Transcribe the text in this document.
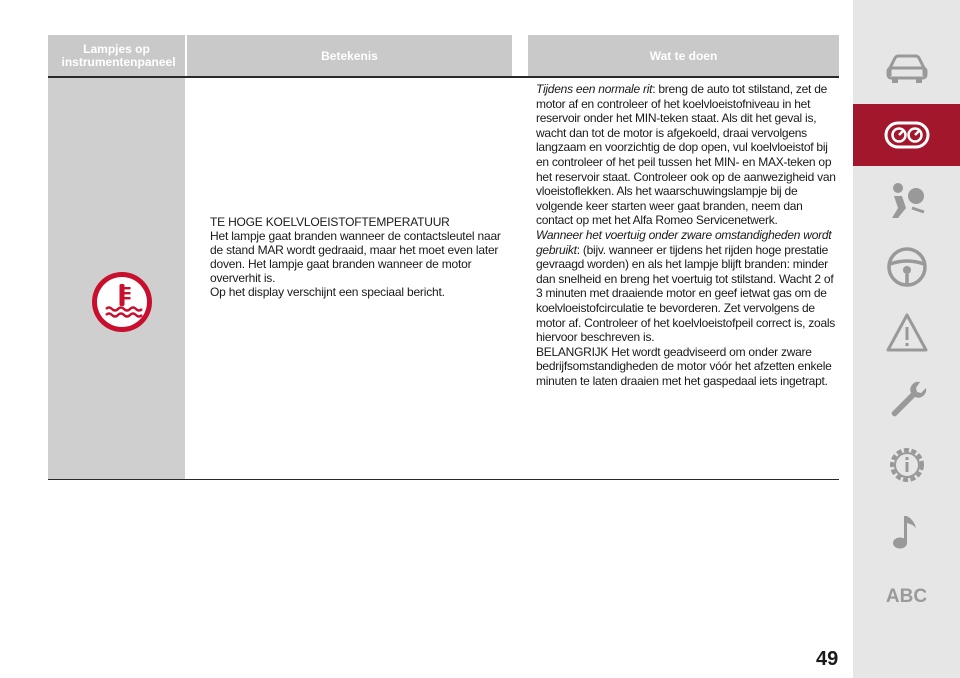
Lampjes op instrumentenpaneel	Betekenis	Wat te doen

TE HOGE KOELVLOEISTOFTEMPERATUUR

Het lampje gaat branden wanneer de contactsleutel naar de stand MAR wordt gedraaid, maar het moet even later doven. Het lampje gaat branden wanneer de motor oververhit is.

Op het display verschijnt een speciaal bericht.

Tijdens een normale rit: breng de auto tot stilstand, zet de motor af en controleer of het koelvloeistofniveau in het reservoir onder het MIN-teken staat. Als dit het geval is, wacht dan tot de motor is afgekoeld, draai vervolgens langzaam en voorzichtig de dop open, vul koelvloeistof bij en controleer of het peil tussen het MIN- en MAX-teken op het reservoir staat. Controleer ook op de aanwezigheid van vloeistoflekken. Als het waarschuwingslampje bij de volgende keer starten weer gaat branden, neem dan contact op met het Alfa Romeo Servicenetwerk.

Wanneer het voertuig onder zware omstandigheden wordt gebruikt: (bijv. wanneer er tijdens het rijden hoge prestatie gevraagd worden) en als het lampje blijft branden: minder dan snelheid en breng het voertuig tot stilstand. Wacht 2 of 3 minuten met draaiende motor en geef ietwat gas om de koelvloeistofcirculatie te bevorderen. Zet vervolgens de motor af. Controleer of het koelvloeistofpeil correct is, zoals hiervoor beschreven is.

BELANGRIJK Het wordt geadviseerd om onder zware bedrijfsomstandigheden de motor vóór het afzetten enkele minuten te laten draaien met het gaspedaal iets ingetrapt.

ABC
49
